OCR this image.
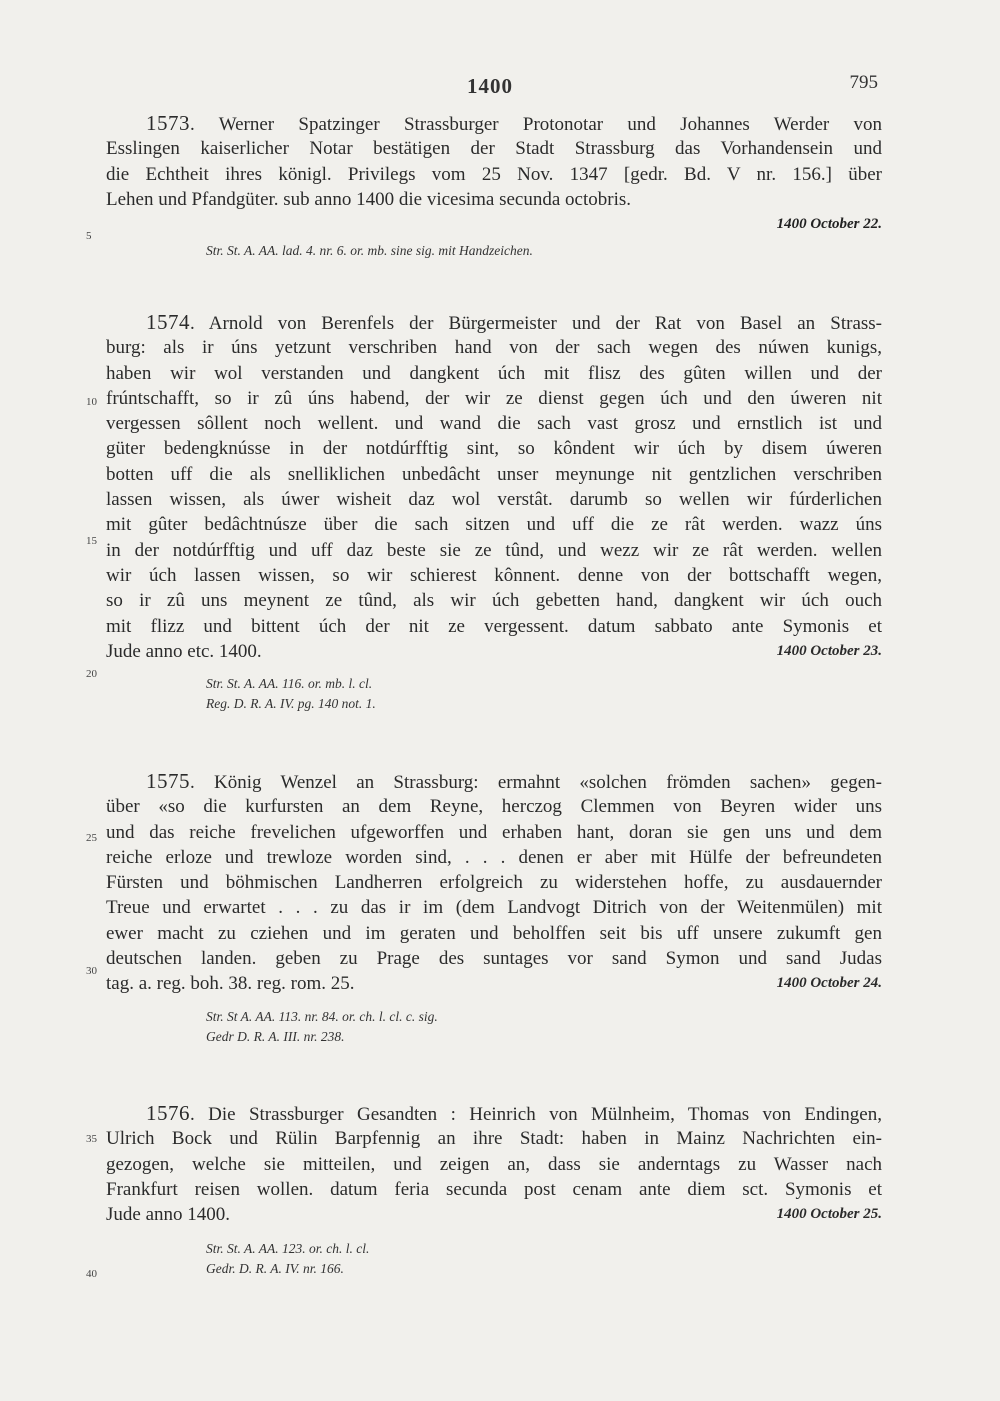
1400	795
5
10
15
20
25
30
35
40
1573. Werner Spatzinger Strassburger Protonotar und Johannes Werder von
Esslingen kaiserlicher Notar bestätigen der Stadt Strassburg das Vorhandensein und
die Echtheit ihres königl. Privilegs vom 25 Nov. 1347 [gedr. Bd. V nr. 156.] über
Lehen und Pfandgüter. sub anno 1400 die vicesima secunda octobris.
1400 October 22.
Str. St. A. AA. lad. 4. nr. 6. or. mb. sine sig. mit Handzeichen.
1574. Arnold von Berenfels der Bürgermeister und der Rat von Basel an Strass-
burg: als ir úns yetzunt verschriben hand von der sach wegen des núwen kunigs,
haben wir wol verstanden und dangkent úch mit flisz des gûten willen und der
frúntschafft, so ir zû úns habend, der wir ze dienst gegen úch und den úweren nit
vergessen sôllent noch wellent. und wand die sach vast grosz und ernstlich ist und
güter bedengknússe in der notdúrfftig sint, so kôndent wir úch by disem úweren
botten uff die als snelliklichen unbedâcht unser meynunge nit gentzlichen verschriben
lassen wissen, als úwer wisheit daz wol verstât. darumb so wellen wir fúrderlichen
mit gûter bedâchtnúsze über die sach sitzen und uff die ze rât werden. wazz úns
in der notdúrfftig und uff daz beste sie ze tûnd, und wezz wir ze rât werden. wellen
wir úch lassen wissen, so wir schierest kônnent. denne von der bottschafft wegen,
so ir zû uns meynent ze tûnd, als wir úch gebetten hand, dangkent wir úch ouch
mit flizz und bittent úch der nit ze vergessent. datum sabbato ante Symonis et
Jude anno etc. 1400.	1400 October 23.
Str. St. A. AA. 116. or. mb. l. cl.
Reg. D. R. A. IV. pg. 140 not. 1.
1575. König Wenzel an Strassburg: ermahnt «solchen frömden sachen» gegen-
über «so die kurfursten an dem Reyne, herczog Clemmen von Beyren wider uns
und das reiche frevelichen ufgeworffen und erhaben hant, doran sie gen uns und dem
reiche erloze und trewloze worden sind, . . . denen er aber mit Hülfe der befreundeten
Fürsten und böhmischen Landherren erfolgreich zu widerstehen hoffe, zu ausdauernder
Treue und erwartet . . . zu das ir im (dem Landvogt Ditrich von der Weitenmülen) mit
ewer macht zu cziehen und im geraten und beholffen seit bis uff unsere zukumft gen
deutschen landen. geben zu Prage des suntages vor sand Symon und sand Judas
tag. a. reg. boh. 38. reg. rom. 25.	1400 October 24.
Str. St A. AA. 113. nr. 84. or. ch. l. cl. c. sig.
Gedr D. R. A. III. nr. 238.
1576. Die Strassburger Gesandten : Heinrich von Mülnheim, Thomas von Endingen,
Ulrich Bock und Rülin Barpfennig an ihre Stadt: haben in Mainz Nachrichten ein-
gezogen, welche sie mitteilen, und zeigen an, dass sie anderntags zu Wasser nach
Frankfurt reisen wollen. datum feria secunda post cenam ante diem sct. Symonis et
Jude anno 1400.	1400 October 25.
Str. St. A. AA. 123. or. ch. l. cl.
Gedr. D. R. A. IV. nr. 166.
